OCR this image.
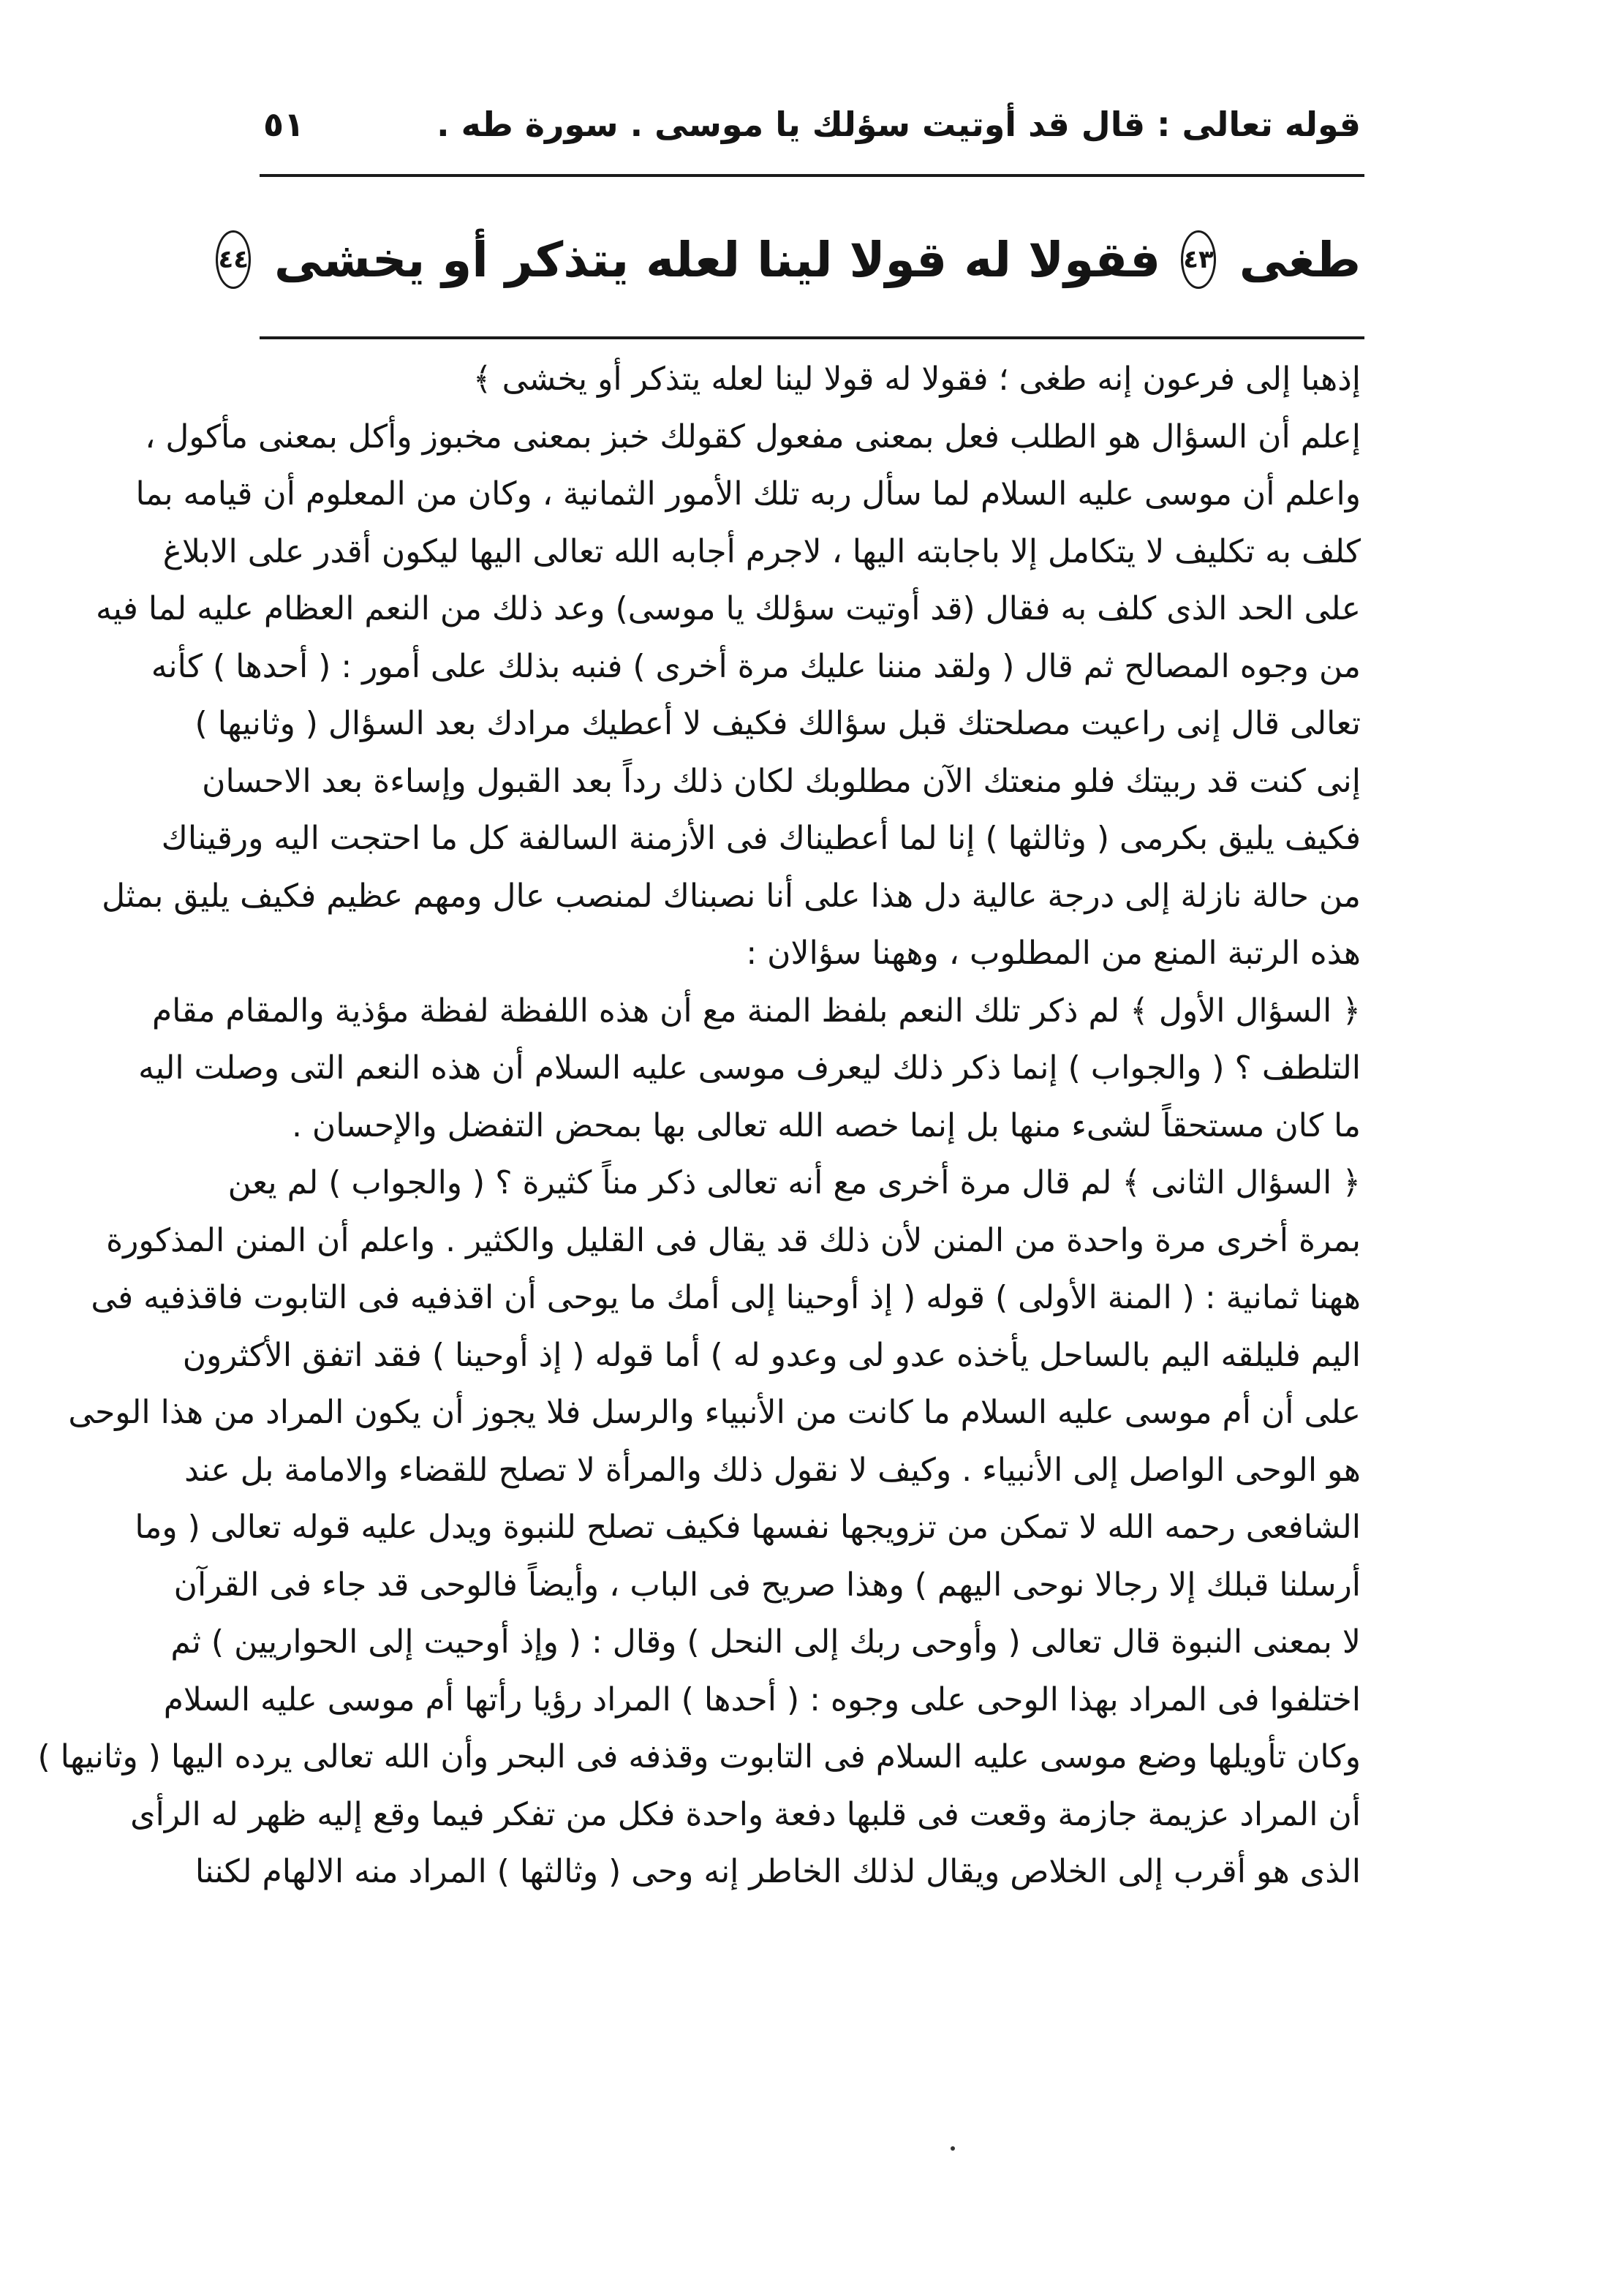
قوله تعالى : قال قد أوتيت سؤلك يا موسى . سورة طه .
٥١
طغى
٤٣
فقولا له قولا لينا لعله يتذكر أو يخشى
٤٤
إذهبا إلى فرعون إنه طغى ؛ فقولا له قولا لينا لعله يتذكر أو يخشى ﴾
إعلم أن السؤال هو الطلب فعل بمعنى مفعول كقولك خبز بمعنى مخبوز وأكل بمعنى مأكول ،
واعلم أن موسى عليه السلام لما سأل ربه تلك الأمور الثمانية ، وكان من المعلوم أن قيامه بما
كلف به تكليف لا يتكامل إلا باجابته اليها ، لاجرم أجابه الله تعالى اليها ليكون أقدر على الابلاغ
على الحد الذى كلف به فقال (قد أوتيت سؤلك يا موسى) وعد ذلك من النعم العظام عليه لما فيه
من وجوه المصالح ثم قال ( ولقد مننا عليك مرة أخرى ) فنبه بذلك على أمور : ( أحدها ) كأنه
تعالى قال إنى راعيت مصلحتك قبل سؤالك فكيف لا أعطيك مرادك بعد السؤال ( وثانيها )
إنى كنت قد ربيتك فلو منعتك الآن مطلوبك لكان ذلك رداً بعد القبول وإساءة بعد الاحسان
فكيف يليق بكرمى ( وثالثها ) إنا لما أعطيناك فى الأزمنة السالفة كل ما احتجت اليه ورقيناك
من حالة نازلة إلى درجة عالية دل هذا على أنا نصبناك لمنصب عال ومهم عظيم فكيف يليق بمثل
هذه الرتبة المنع من المطلوب ، وههنا سؤالان :
﴿ السؤال الأول ﴾ لم ذكر تلك النعم بلفظ المنة مع أن هذه اللفظة لفظة مؤذية والمقام مقام
التلطف ؟ ( والجواب ) إنما ذكر ذلك ليعرف موسى عليه السلام أن هذه النعم التى وصلت اليه
ما كان مستحقاً لشىء منها بل إنما خصه الله تعالى بها بمحض التفضل والإحسان .
﴿ السؤال الثانى ﴾ لم قال مرة أخرى مع أنه تعالى ذكر مناً كثيرة ؟ ( والجواب ) لم يعن
بمرة أخرى مرة واحدة من المنن لأن ذلك قد يقال فى القليل والكثير . واعلم أن المنن المذكورة
ههنا ثمانية : ( المنة الأولى ) قوله ( إذ أوحينا إلى أمك ما يوحى أن اقذفيه فى التابوت فاقذفيه فى
اليم فليلقه اليم بالساحل يأخذه عدو لى وعدو له ) أما قوله ( إذ أوحينا ) فقد اتفق الأكثرون
على أن أم موسى عليه السلام ما كانت من الأنبياء والرسل فلا يجوز أن يكون المراد من هذا الوحى
هو الوحى الواصل إلى الأنبياء . وكيف لا نقول ذلك والمرأة لا تصلح للقضاء والامامة بل عند
الشافعى رحمه الله لا تمكن من تزويجها نفسها فكيف تصلح للنبوة ويدل عليه قوله تعالى ( وما
أرسلنا قبلك إلا رجالا نوحى اليهم ) وهذا صريح فى الباب ، وأيضاً فالوحى قد جاء فى القرآن
لا بمعنى النبوة قال تعالى ( وأوحى ربك إلى النحل ) وقال : ( وإذ أوحيت إلى الحواريين ) ثم
اختلفوا فى المراد بهذا الوحى على وجوه : ( أحدها ) المراد رؤيا رأتها أم موسى عليه السلام
وكان تأويلها وضع موسى عليه السلام فى التابوت وقذفه فى البحر وأن الله تعالى يرده اليها ( وثانيها )
أن المراد عزيمة جازمة وقعت فى قلبها دفعة واحدة فكل من تفكر فيما وقع إليه ظهر له الرأى
الذى هو أقرب إلى الخلاص ويقال لذلك الخاطر إنه وحى ( وثالثها ) المراد منه الالهام لكننا
